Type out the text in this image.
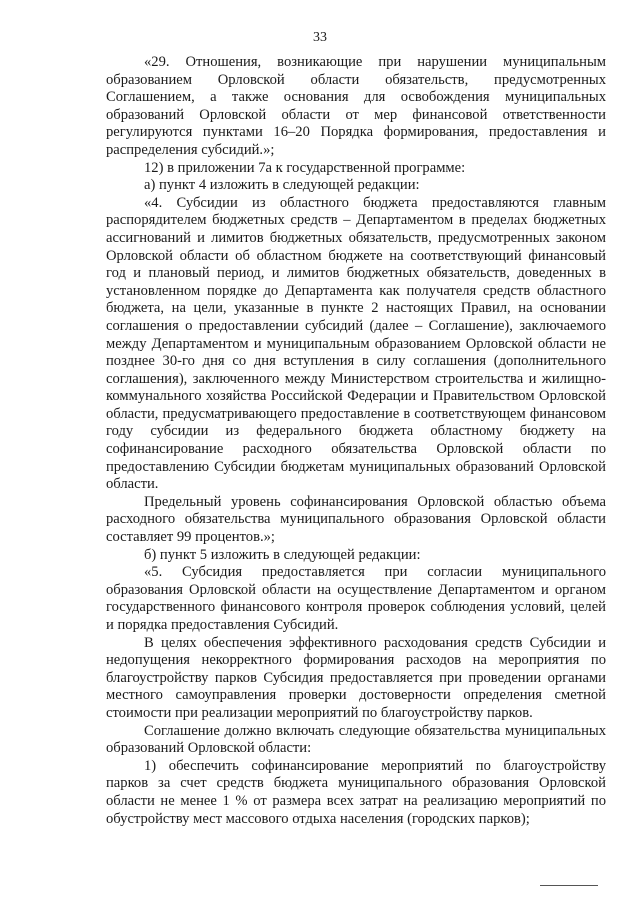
33

«29. Отношения, возникающие при нарушении муниципальным образованием Орловской области обязательств, предусмотренных Соглашением, а также основания для освобождения муниципальных образований Орловской области от мер финансовой ответственности регулируются пунктами 16–20 Порядка формирования, предоставления и распределения субсидий.»;

12) в приложении 7а к государственной программе:

а) пункт 4 изложить в следующей редакции:

«4. Субсидии из областного бюджета предоставляются главным распорядителем бюджетных средств – Департаментом в пределах бюджетных ассигнований и лимитов бюджетных обязательств, предусмотренных законом Орловской области об областном бюджете на соответствующий финансовый год и плановый период, и лимитов бюджетных обязательств, доведенных в установленном порядке до Департамента как получателя средств областного бюджета, на цели, указанные в пункте 2 настоящих Правил, на основании соглашения о предоставлении субсидий (далее – Соглашение), заключаемого между Департаментом и муниципальным образованием Орловской области не позднее 30-го дня со дня вступления в силу соглашения (дополнительного соглашения), заключенного между Министерством строительства и жилищно-коммунального хозяйства Российской Федерации и Правительством Орловской области, предусматривающего предоставление в соответствующем финансовом году субсидии из федерального бюджета областному бюджету на софинансирование расходного обязательства Орловской области по предоставлению Субсидии бюджетам муниципальных образований Орловской области.

Предельный уровень софинансирования Орловской областью объема расходного обязательства муниципального образования Орловской области составляет 99 процентов.»;

б) пункт 5 изложить в следующей редакции:

«5. Субсидия предоставляется при согласии муниципального образования Орловской области на осуществление Департаментом и органом государственного финансового контроля проверок соблюдения условий, целей и порядка предоставления Субсидий.

В целях обеспечения эффективного расходования средств Субсидии и недопущения некорректного формирования расходов на мероприятия по благоустройству парков Субсидия предоставляется при проведении органами местного самоуправления проверки достоверности определения сметной стоимости при реализации мероприятий по благоустройству парков.

Соглашение должно включать следующие обязательства муниципальных образований Орловской области:

1) обеспечить софинансирование мероприятий по благоустройству парков за счет средств бюджета муниципального образования Орловской области не менее 1 % от размера всех затрат на реализацию мероприятий по обустройству мест массового отдыха населения (городских парков);
